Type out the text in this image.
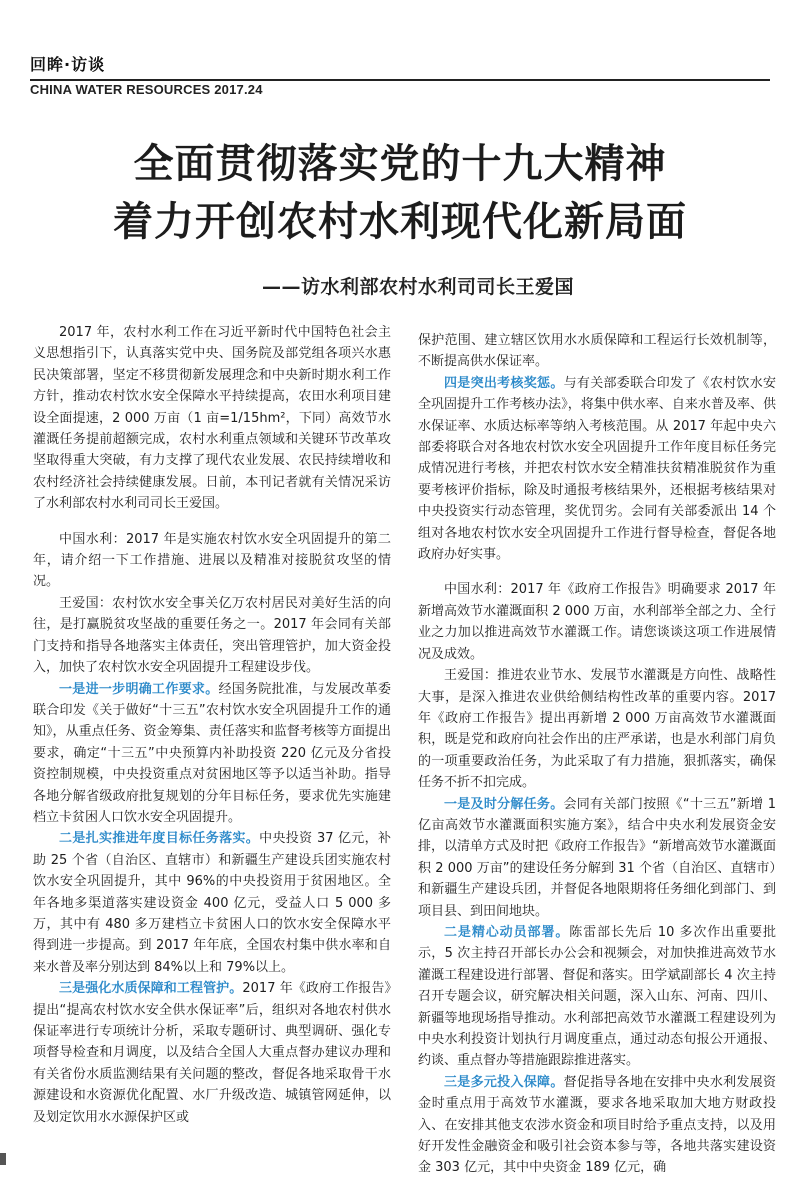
回眸·访谈
CHINA WATER RESOURCES 2017.24
全面贯彻落实党的十九大精神
着力开创农村水利现代化新局面
——访水利部农村水利司司长王爱国

2017 年，农村水利工作在习近平新时代中国特色社会主义思想指引下，认真落实党中央、国务院及部党组各项兴水惠民决策部署，坚定不移贯彻新发展理念和中央新时期水利工作方针，推动农村饮水安全保障水平持续提高，农田水利项目建设全面提速，2 000 万亩（1 亩=1/15hm²，下同）高效节水灌溉任务提前超额完成，农村水利重点领域和关键环节改革攻坚取得重大突破，有力支撑了现代农业发展、农民持续增收和农村经济社会持续健康发展。日前，本刊记者就有关情况采访了水利部农村水利司司长王爱国。

中国水利：2017 年是实施农村饮水安全巩固提升的第二年，请介绍一下工作措施、进展以及精准对接脱贫攻坚的情况。

王爱国：农村饮水安全事关亿万农村居民对美好生活的向往，是打赢脱贫攻坚战的重要任务之一。2017 年会同有关部门支持和指导各地落实主体责任，突出管理管护，加大资金投入，加快了农村饮水安全巩固提升工程建设步伐。

一是进一步明确工作要求。经国务院批准，与发展改革委联合印发《关于做好“十三五”农村饮水安全巩固提升工作的通知》，从重点任务、资金筹集、责任落实和监督考核等方面提出要求，确定“十三五”中央预算内补助投资 220 亿元及分省投资控制规模，中央投资重点对贫困地区等予以适当补助。指导各地分解省级政府批复规划的分年目标任务，要求优先实施建档立卡贫困人口饮水安全巩固提升。

二是扎实推进年度目标任务落实。中央投资 37 亿元，补助 25 个省（自治区、直辖市）和新疆生产建设兵团实施农村饮水安全巩固提升，其中 96%的中央投资用于贫困地区。全年各地多渠道落实建设资金 400 亿元，受益人口 5 000 多万，其中有 480 多万建档立卡贫困人口的饮水安全保障水平得到进一步提高。到 2017 年年底，全国农村集中供水率和自来水普及率分别达到 84%以上和 79%以上。

三是强化水质保障和工程管护。2017 年《政府工作报告》提出“提高农村饮水安全供水保证率”后，组织对各地农村供水保证率进行专项统计分析，采取专题研讨、典型调研、强化专项督导检查和月调度，以及结合全国人大重点督办建议办理和有关省份水质监测结果有关问题的整改，督促各地采取骨干水源建设和水资源优化配置、水厂升级改造、城镇管网延伸，以及划定饮用水水源保护区或

保护范围、建立辖区饮用水水质保障和工程运行长效机制等，不断提高供水保证率。

四是突出考核奖惩。与有关部委联合印发了《农村饮水安全巩固提升工作考核办法》，将集中供水率、自来水普及率、供水保证率、水质达标率等纳入考核范围。从 2017 年起中央六部委将联合对各地农村饮水安全巩固提升工作年度目标任务完成情况进行考核，并把农村饮水安全精准扶贫精准脱贫作为重要考核评价指标，除及时通报考核结果外，还根据考核结果对中央投资实行动态管理，奖优罚劣。会同有关部委派出 14 个组对各地农村饮水安全巩固提升工作进行督导检查，督促各地政府办好实事。

中国水利：2017 年《政府工作报告》明确要求 2017 年新增高效节水灌溉面积 2 000 万亩，水利部举全部之力、全行业之力加以推进高效节水灌溉工作。请您谈谈这项工作进展情况及成效。

王爱国：推进农业节水、发展节水灌溉是方向性、战略性大事，是深入推进农业供给侧结构性改革的重要内容。2017 年《政府工作报告》提出再新增 2 000 万亩高效节水灌溉面积，既是党和政府向社会作出的庄严承诺，也是水利部门肩负的一项重要政治任务，为此采取了有力措施，狠抓落实，确保任务不折不扣完成。

一是及时分解任务。会同有关部门按照《“十三五”新增 1 亿亩高效节水灌溉面积实施方案》，结合中央水利发展资金安排，以清单方式及时把《政府工作报告》“新增高效节水灌溉面积 2 000 万亩”的建设任务分解到 31 个省（自治区、直辖市）和新疆生产建设兵团，并督促各地限期将任务细化到部门、到项目县、到田间地块。

二是精心动员部署。陈雷部长先后 10 多次作出重要批示，5 次主持召开部长办公会和视频会，对加快推进高效节水灌溉工程建设进行部署、督促和落实。田学斌副部长 4 次主持召开专题会议，研究解决相关问题，深入山东、河南、四川、新疆等地现场指导推动。水利部把高效节水灌溉工程建设列为中央水利投资计划执行月调度重点，通过动态旬报公开通报、约谈、重点督办等措施跟踪推进落实。

三是多元投入保障。督促指导各地在安排中央水利发展资金时重点用于高效节水灌溉，要求各地采取加大地方财政投入、在安排其他支农涉水资金和项目时给予重点支持，以及用好开发性金融资金和吸引社会资本参与等，各地共落实建设资金 303 亿元，其中中央资金 189 亿元，确
